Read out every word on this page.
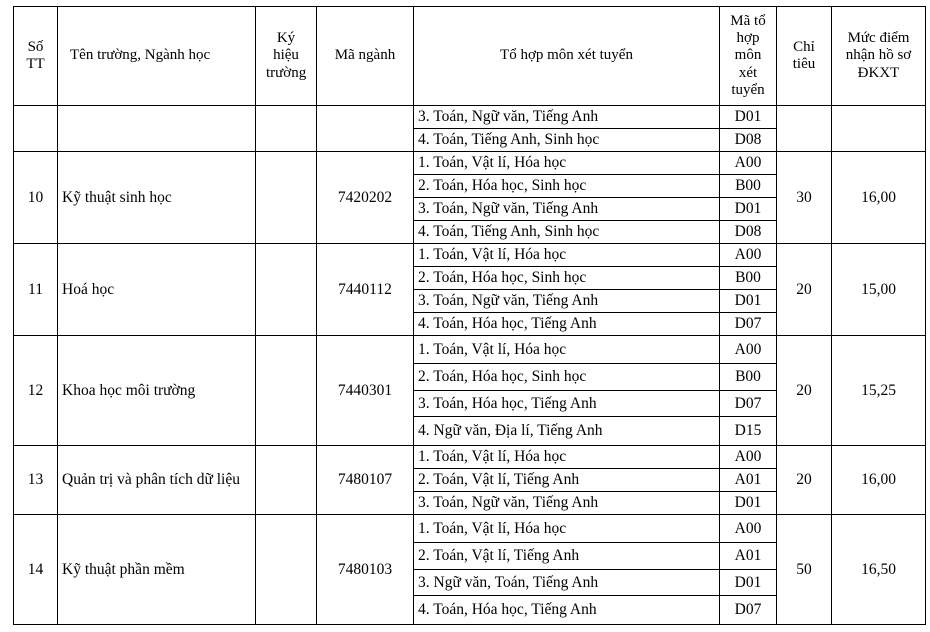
Số TT	Tên trường, Ngành học	Ký hiệu trường	Mã ngành	Tổ hợp môn xét tuyển	Mã tổ hợp môn xét tuyển	Chỉ tiêu	Mức điểm nhận hồ sơ ĐKXT
				3. Toán, Ngữ văn, Tiếng Anh	D01		
				4. Toán, Tiếng Anh, Sinh học	D08		
10	Kỹ thuật sinh học		7420202	1. Toán, Vật lí, Hóa học	A00	30	16,00
				2. Toán, Hóa học, Sinh học	B00		
				3. Toán, Ngữ văn, Tiếng Anh	D01		
				4. Toán, Tiếng Anh, Sinh học	D08		
11	Hoá học		7440112	1. Toán, Vật lí, Hóa học	A00	20	15,00
				2. Toán, Hóa học, Sinh học	B00		
				3. Toán, Ngữ văn, Tiếng Anh	D01		
				4. Toán, Hóa học, Tiếng Anh	D07		
12	Khoa học môi trường		7440301	1. Toán, Vật lí, Hóa học	A00	20	15,25
				2. Toán, Hóa học, Sinh học	B00		
				3. Toán, Hóa học, Tiếng Anh	D07		
				4. Ngữ văn, Địa lí, Tiếng Anh	D15		
13	Quản trị và phân tích dữ liệu		7480107	1. Toán, Vật lí, Hóa học	A00	20	16,00
				2. Toán, Vật lí, Tiếng Anh	A01		
				3. Toán, Ngữ văn, Tiếng Anh	D01		
14	Kỹ thuật phần mềm		7480103	1. Toán, Vật lí, Hóa học	A00	50	16,50
				2. Toán, Vật lí, Tiếng Anh	A01		
				3. Ngữ văn, Toán, Tiếng Anh	D01		
				4. Toán, Hóa học, Tiếng Anh	D07		
